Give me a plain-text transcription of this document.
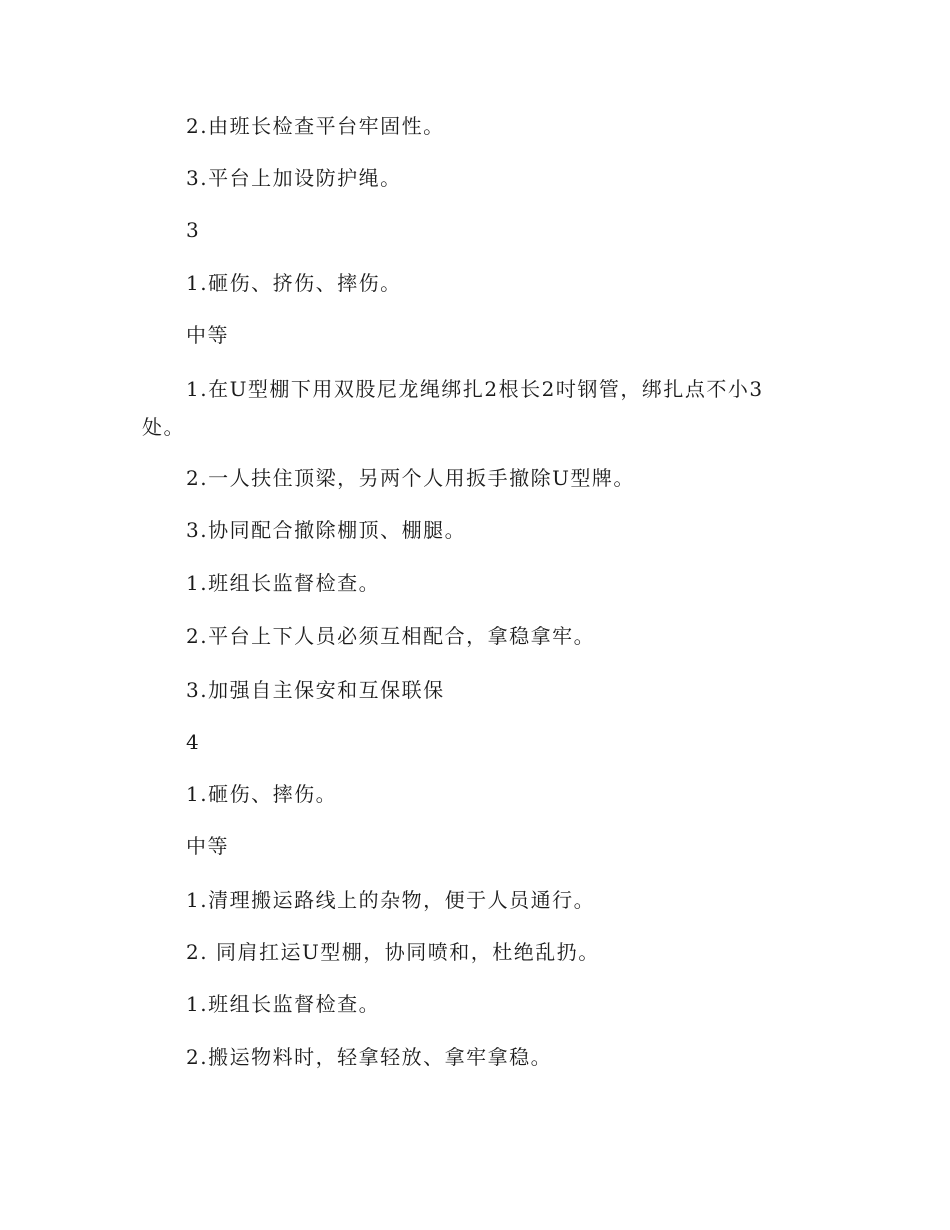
2.由班长检查平台牢固性。
3.平台上加设防护绳。
3
1.砸伤、挤伤、摔伤。
中等
1.在U型棚下用双股尼龙绳绑扎2根长2吋钢管，绑扎点不小3
处。
2.一人扶住顶梁，另两个人用扳手撤除U型牌。
3.协同配合撤除棚顶、棚腿。
1.班组长监督检查。
2.平台上下人员必须互相配合，拿稳拿牢。
3.加强自主保安和互保联保
4
1.砸伤、摔伤。
中等
1.清理搬运路线上的杂物，便于人员通行。
2. 同肩扛运U型棚，协同喷和，杜绝乱扔。
1.班组长监督检查。
2.搬运物料时，轻拿轻放、拿牢拿稳。
